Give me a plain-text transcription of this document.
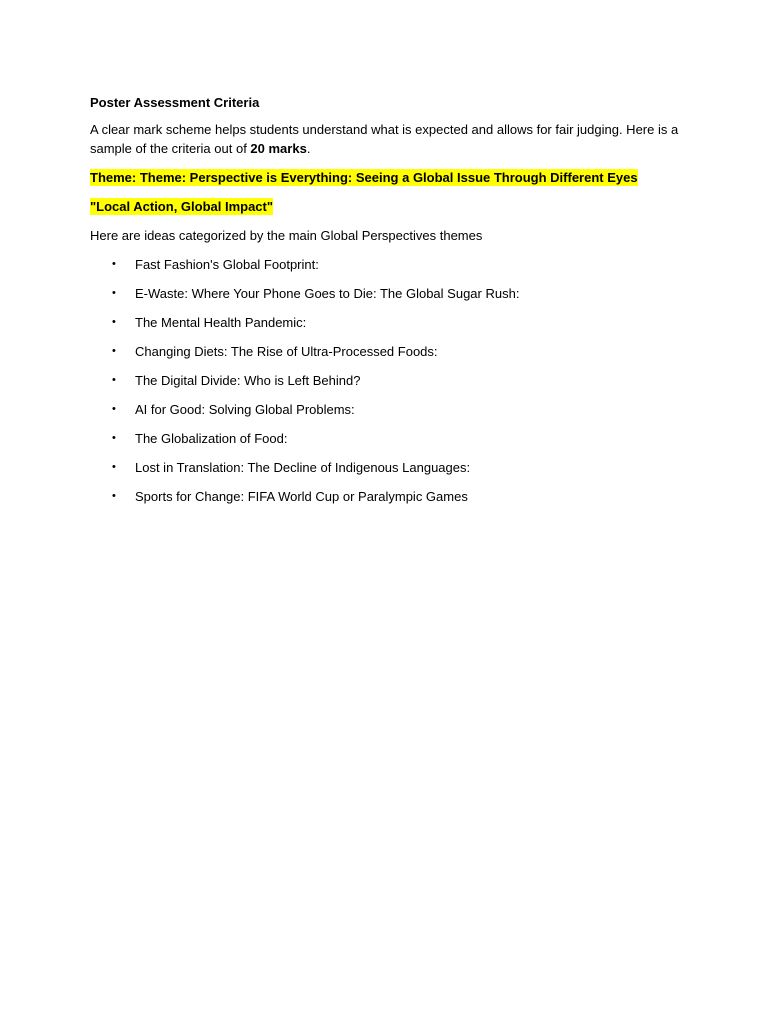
Poster Assessment Criteria
A clear mark scheme helps students understand what is expected and allows for fair judging. Here is a sample of the criteria out of 20 marks.
Theme: Theme: Perspective is Everything: Seeing a Global Issue Through Different Eyes
"Local Action, Global Impact"
Here are ideas categorized by the main Global Perspectives themes
• Fast Fashion's Global Footprint:
• E-Waste: Where Your Phone Goes to Die: The Global Sugar Rush:
• The Mental Health Pandemic:
• Changing Diets: The Rise of Ultra-Processed Foods:
• The Digital Divide: Who is Left Behind?
• AI for Good: Solving Global Problems:
• The Globalization of Food:
• Lost in Translation: The Decline of Indigenous Languages:
• Sports for Change: FIFA World Cup or Paralympic Games
